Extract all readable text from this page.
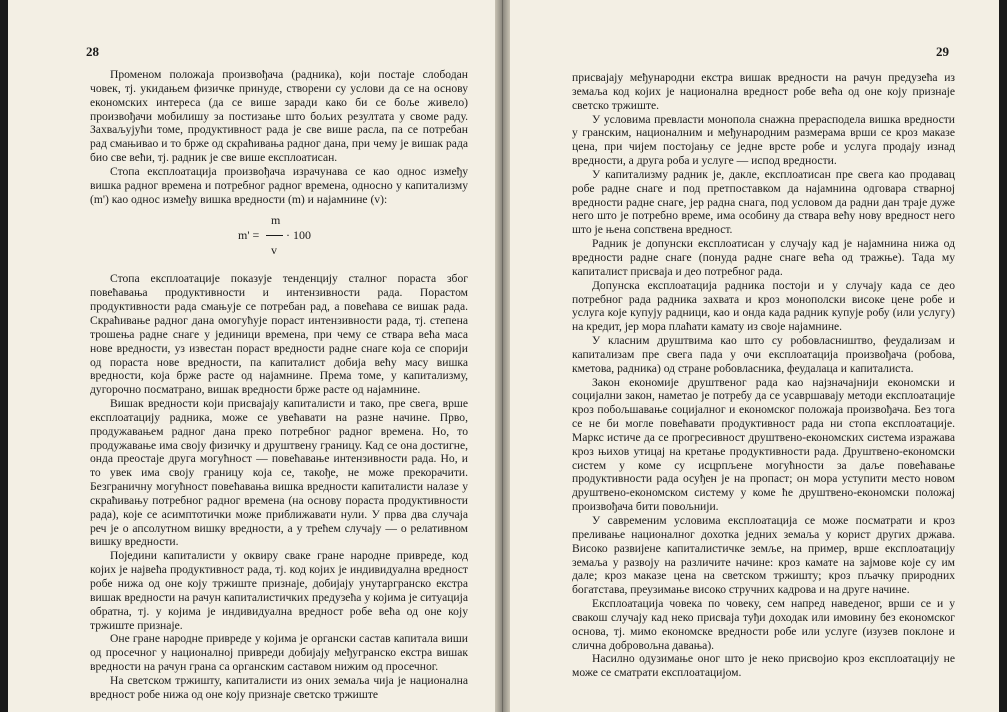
28

Променом положаја произвођача (радника), који постаје слободан човек, тј. укидањем физичке принуде, створени су услови да се на основу економских интереса (да се више заради како би се боље живело) произвођачи мобилишу за постизање што бољих резултата у своме раду. Захваљујући томе, продуктивност рада је све више расла, па се потребан рад смањивао и то брже од скраћивања радног дана, при чему је вишак рада био све већи, тј. радник је све више експлоатисан.

Стопа експлоатација произвођача израчунава се као однос између вишка радног времена и потребног радног времена, односно у капитализму (m') као однос између вишка вредности (m) и најамнине (v):

m
m' = · 100
v

Стопа експлоатације показује тенденцију сталног пораста због повећавања продуктивности и интензивности рада. Порастом продуктивности рада смањује се потребан рад, а повећава се вишак рада. Скраћивање радног дана омогућује пораст интензивности рада, тј. степена трошења радне снаге у јединици времена, при чему се ствара већа маса нове вредности, уз известан пораст вредности радне снаге која се спорији од пораста нове вредности, па капиталист добија већу масу вишка вредности, која брже расте од најамнине. Према томе, у капитализму, дугорочно посматрано, вишак вредности брже расте од најамнине.

Вишак вредности који присвајају капиталисти и тако, пре свега, врше експлоатацију радника, може се увећавати на разне начине. Прво, продужавањем радног дана преко потребног радног времена. Но, то продужавање има своју физичку и друштвену границу. Кад се она достигне, онда преостаје друга могућност — повећавање интензивности рада. Но, и то увек има своју границу која се, такође, не може прекорачити. Безграничну могућност повећавања вишка вредности капиталисти налазе у скраћивању потребног радног времена (на основу пораста продуктивности рада), које се асимптотички може приближавати нули. У прва два случаја реч је о апсолутном вишку вредности, а у трећем случају — о релативном вишку вредности.

Поједини капиталисти у оквиру сваке гране народне привредe, код којих је највећа продуктивност рада, тј. код којих је индивидуална вредност робе нижа од оне коју тржиште признаје, добијају унутаргранско екстра вишак вредности на рачун капиталистичких предузећа у којима је ситуација обратна, тј. у којима је индивидуална вредност робе већа од оне коју тржиште признаје.

Оне гране народне привреде у којима је органски састав капитала виши од просечног у националној привреди добијају међугранско екстра вишак вредности на рачун грана са органским саставом нижим од просечног.

На светском тржишту, капиталисти из оних земаља чија је национална вредност робе нижа од оне коју признаје светско тржиште

29

присвајају међународни екстра вишак вредности на рачун предузећа из земаља код којих је национална вредност робе већа од оне коју признаје светско тржиште.

У условима превласти монопола снажна прерасподела вишка вредности у гранским, националним и међународним размерама врши се кроз маказе цена, при чијем постојању се једне врсте робе и услуга продају изнад вредности, а друга роба и услуге — испод вредности.

У капитализму радник је, дакле, експлоатисан пре свега као продавац робе радне снаге и под претпоставком да најамнина одговара стварној вредности радне снаге, јер радна снага, под условом да радни дан траје дуже него што је потребно време, има особину да ствара већу нову вредност него што је њена сопствена вредност.

Радник је допунски експлоатисан у случају кад је најамнина нижа од вредности радне снаге (понуда радне снаге већа од тражње). Тада му капиталист присваја и део потребног рада.

Допунска експлоатација радника постоји и у случају када се део потребног рада радника захвата и кроз монополски високе цене робе и услуга које купују радници, као и онда када радник купује робу (или услугу) на кредит, јер мора плаћати камату из своје најамнине.

У класним друштвима као што су робовласништво, феудализам и капитализам пре свега пада у очи експлоатација произвођача (робова, кметова, радника) од стране робовласника, феудалаца и капиталиста.

Закон економије друштвеног рада као најзначајнији економски и социјални закон, наметао је потребу да се усавршавају методи експлоатације кроз побољшавање социјалног и економског положаја произвођача. Без тога се не би могле повећавати продуктивност рада ни стопа експлоатације. Маркс истиче да се прогресивност друштвено-економских система изражава кроз њихов утицај на кретање продуктивности рада. Друштвено-економски систем у коме су исцрпљене могућности за даље повећавање продуктивности рада осуђен је на пропаст; он мора уступити место новом друштвено-економском систему у коме ће друштвено-економски положај произвођача бити повољнији.

У савременим условима експлоатација се може посматрати и кроз преливање националног дохотка једних земаља у корист других држава. Високо развијене капиталистичке земље, на пример, врше експлоатацију земаља у развоју на различите начине: кроз камате на зајмове које су им дале; кроз маказе цена на светском тржишту; кроз пљачку природних богатстава, преузимање високо стручних кадрова и на друге начине.

Експлоатација човека по човеку, сем напред наведеног, врши се и у свакош случају кад неко присваја туђи доходак или имовину без економског основа, тј. мимо економске вредности робе или услуге (изузев поклоне и слична добровољна давања).

Насилно одузимање оног што је неко присвојио кроз експлоатацију не може се сматрати експлоатацијом.
